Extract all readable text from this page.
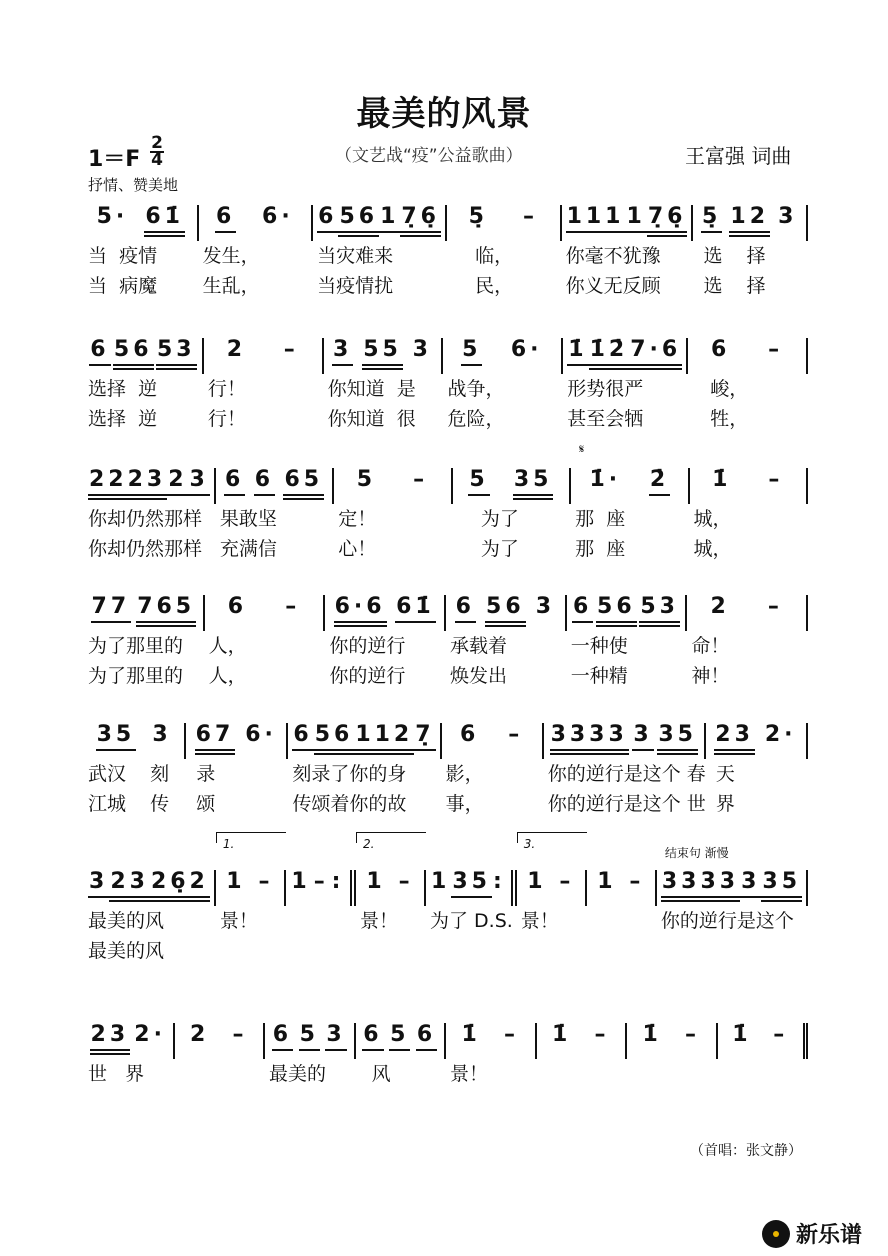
最美的风景
1＝F
2
4
抒情、赞美地
（文艺战“疫”公益歌曲）	王富强 词曲
5· 61̇
当  疫情
当  病魔
6 6·
发生，
生乱，
6 56 1 7̣6̣
当灾难来
当疫情扰
5̣ –
临，
民，
111 1 7̣6̣
你毫不犹豫
你义无反顾
5̣ 12 3
选    择
选    择
6 56 53
选择  逆
选择  逆
2 –
行！
行！
3 55 3
你知道  是
你知道  很
5 6·
战争，
危险，
1̇ 1̇2̇ 7·6
形势很严
甚至会牺
6 –
峻，
牲，
2223 2 3
你却仍然那样
你却仍然那样
6 6 65
果敢坚
充满信
5 –
定！
心！
5 35
为了
为了
𝄋
1̇· 2̇
那  座
那  座
1̇ –
城，
城，
77 765
为了那里的
为了那里的
6 –
人，
人，
6·6 61̇
你的逆行
你的逆行
6 56 3
承载着
焕发出
6 56 53
一种使
一种精
2 –
命！
神！
35 3
武汉    刻
江城    传
67 6·
录
颂
6 56 112 7̣
刻录了你的身
传颂着你的故
6 –
影，
事，
3333 3 35
你的逆行是这个 春
你的逆行是这个 世
23 2·
天
界
3 23 26̣2
最美的风
最美的风
1.
1 –
景！
1 – :
2.
1 –
景！
1 35 :
为了 D.S.
3.
1 –
景！
1 –
结束句 渐慢
3333 3 35
你的逆行是这个
23 2·
世   界
2 – 6 5 3
最美的
6 5 6
风
1̇ –
景！
1̇ – 1̇ – 1̇ –
（首唱：张文静）
新乐谱
